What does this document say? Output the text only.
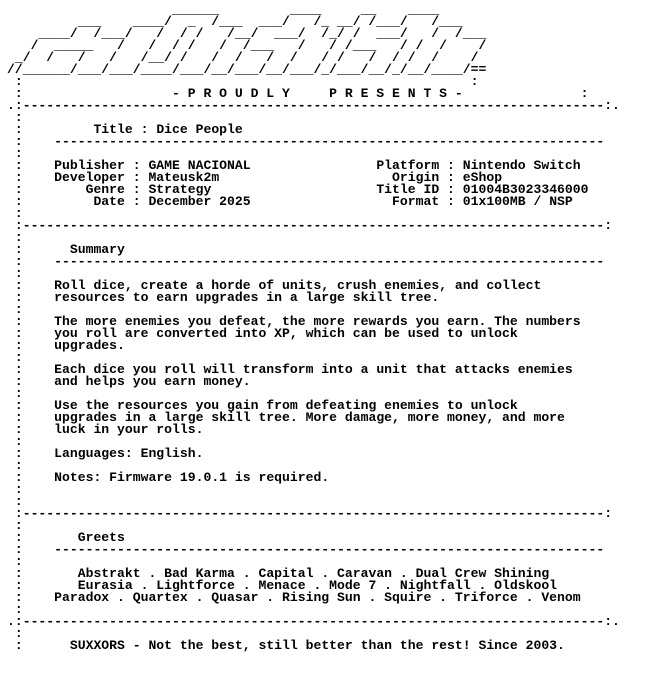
______         ____     __    ____
___    ____/  _  /___  ___/   /_ __/ /___/   /___
____/  /___/   /  / /   /__/  ___/  /_/ /  ___/   /  /___
/  _____   /   /  / /   /  /___   /   / /___   / /  /    /
_/  /   /   /   /__/ /   /  /   /  /   / /   /  / /  /    /
//______/___/___/____/___/__/___/__/___/_/___/__/_/__/____/==
:                                                         :
:	- P R O U D L Y     P R E S E N T S -               :
.:--------------------------------------------------------------------------:.
:
:	Title : Dice People
: ----------------------------------------------------------------------
:
: Publisher : GAME NACIONAL                Platform : Nintendo Switch
: Developer : Mateusk2m                      Origin : eShop
:        Genre : Strategy                     Title ID : 01004B3023346000
:         Date : December 2025                  Format : 01x100MB / NSP
:
:--------------------------------------------------------------------------:
:
:	Summary
: ----------------------------------------------------------------------
:
: Roll dice, create a horde of units, crush enemies, and collect
: resources to earn upgrades in a large skill tree.
:
: The more enemies you defeat, the more rewards you earn. The numbers
: you roll are converted into XP, which can be used to unlock
: upgrades.
:
: Each dice you roll will transform into a unit that attacks enemies
: and helps you earn money.
:
: Use the resources you gain from defeating enemies to unlock
: upgrades in a large skill tree. More damage, more money, and more
: luck in your rolls.
:
: Languages: English.
:
: Notes: Firmware 19.0.1 is required.
:
:
:--------------------------------------------------------------------------:
:
:	Greets
: ----------------------------------------------------------------------
:
:	Abstrakt . Bad Karma . Capital . Caravan . Dual Crew Shining
:	Eurasia . Lightforce . Menace . Mode 7 . Nightfall . Oldskool
: Paradox . Quartex . Quasar . Rising Sun . Squire . Triforce . Venom
:
.:--------------------------------------------------------------------------:.
:
:	SUXXORS - Not the best, still better than the rest! Since 2003.
